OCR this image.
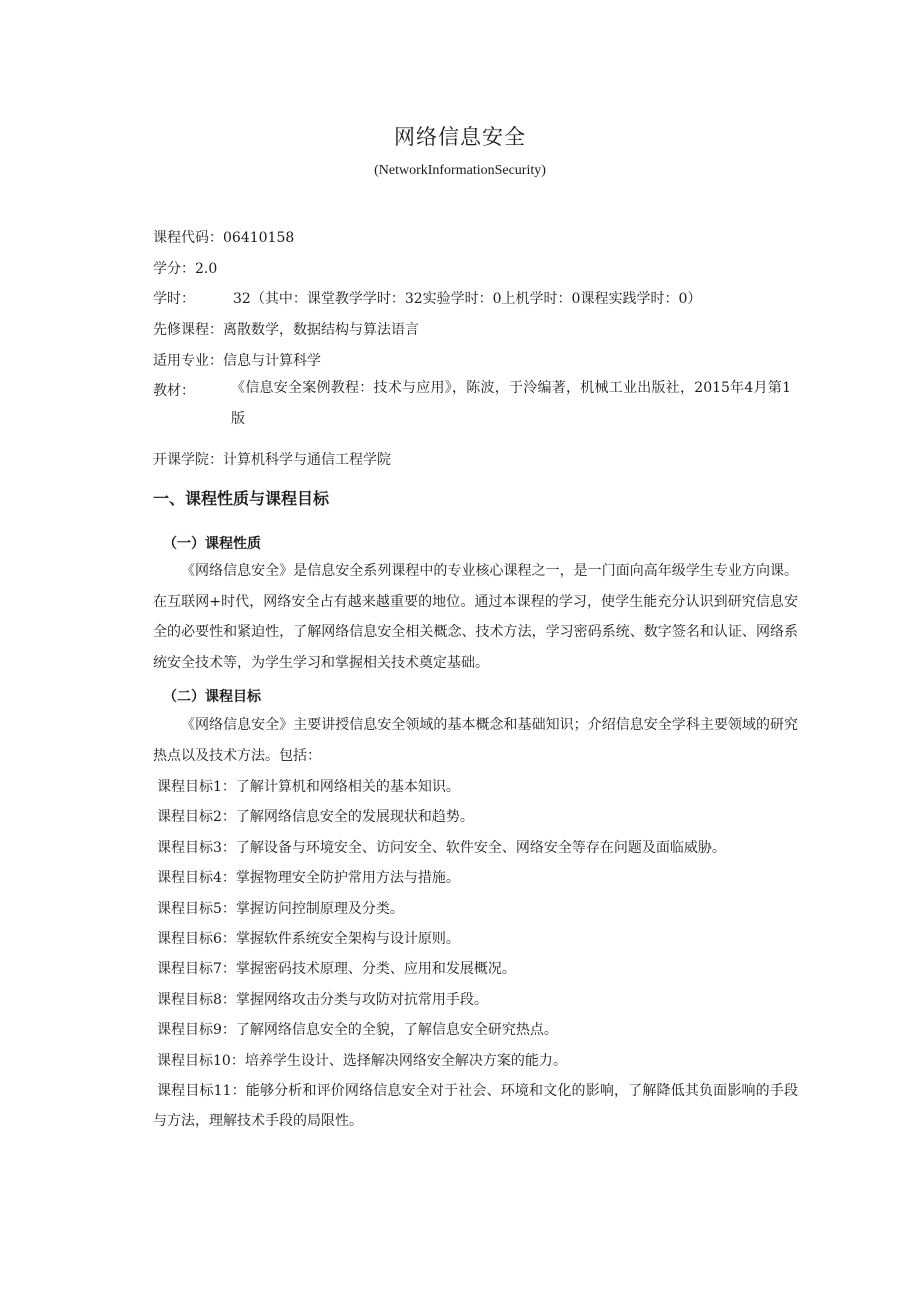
网络信息安全
(NetworkInformationSecurity)
课程代码：06410158
学分：2.0
学时：	32（其中：课堂教学学时：32实验学时：0上机学时：0课程实践学时：0）
先修课程：离散数学，数据结构与算法语言
适用专业：信息与计算科学
教材：	《信息安全案例教程：技术与应用》，陈波，于泠编著，机械工业出版社，2015年4月第1版
开课学院：计算机科学与通信工程学院
一、课程性质与课程目标
（一）课程性质

《网络信息安全》是信息安全系列课程中的专业核心课程之一，是一门面向高年级学生专业方向课。在互联网+时代，网络安全占有越来越重要的地位。通过本课程的学习，使学生能充分认识到研究信息安全的必要性和紧迫性，了解网络信息安全相关概念、技术方法，学习密码系统、数字签名和认证、网络系统安全技术等，为学生学习和掌握相关技术奠定基础。

（二）课程目标

《网络信息安全》主要讲授信息安全领域的基本概念和基础知识；介绍信息安全学科主要领域的研究热点以及技术方法。包括：

课程目标1：了解计算机和网络相关的基本知识。
课程目标2：了解网络信息安全的发展现状和趋势。
课程目标3：了解设备与环境安全、访问安全、软件安全、网络安全等存在问题及面临威胁。
课程目标4：掌握物理安全防护常用方法与措施。
课程目标5：掌握访问控制原理及分类。
课程目标6：掌握软件系统安全架构与设计原则。
课程目标7：掌握密码技术原理、分类、应用和发展概况。
课程目标8：掌握网络攻击分类与攻防对抗常用手段。
课程目标9：了解网络信息安全的全貌，了解信息安全研究热点。
课程目标10：培养学生设计、选择解决网络安全解决方案的能力。
课程目标11：能够分析和评价网络信息安全对于社会、环境和文化的影响，了解降低其负面影响的手段与方法，理解技术手段的局限性。
